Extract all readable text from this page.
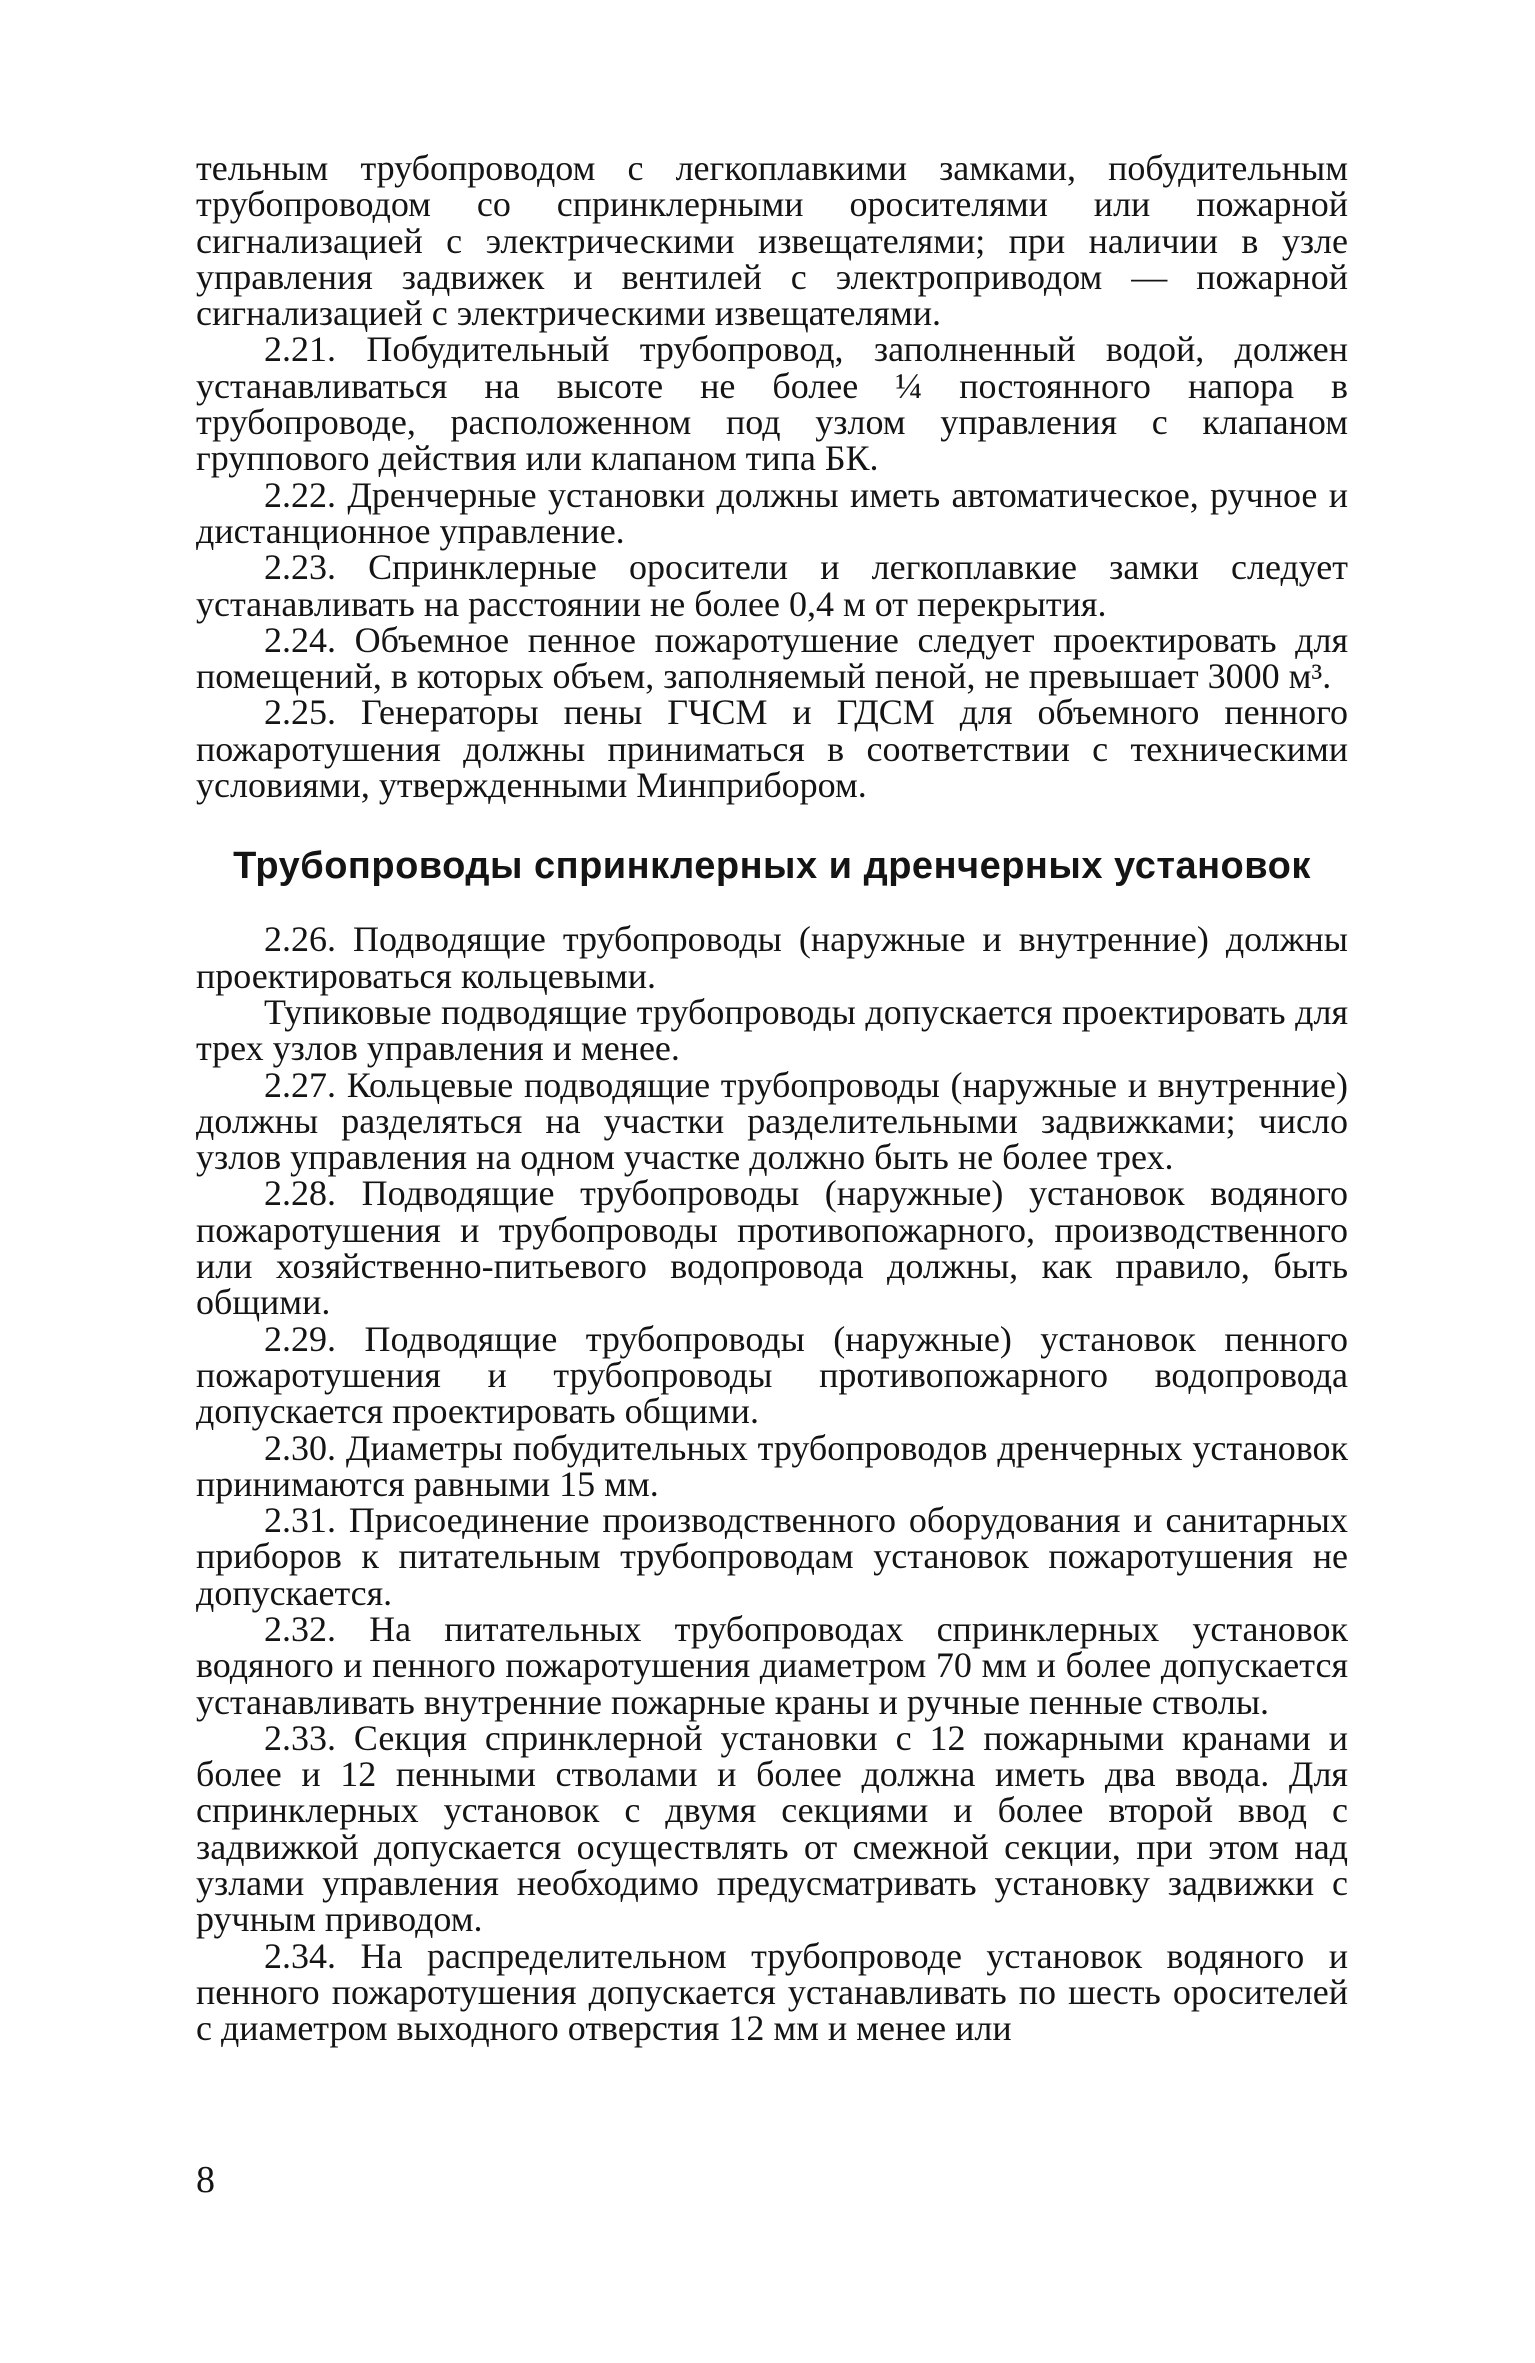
тельным трубопроводом с легкоплавкими замками, побудительным трубопроводом со спринклерными оросителями или пожарной сигнализацией с электрическими извещателями; при наличии в узле управления задвижек и вентилей с электроприводом — пожарной сигнализацией с электрическими извещателями.

2.21. Побудительный трубопровод, заполненный водой, должен устанавливаться на высоте не более ¼ постоянного напора в трубопроводе, расположенном под узлом управления с клапаном группового действия или клапаном типа БК.

2.22. Дренчерные установки должны иметь автоматическое, ручное и дистанционное управление.

2.23. Спринклерные оросители и легкоплавкие замки следует устанавливать на расстоянии не более 0,4 м от перекрытия.

2.24. Объемное пенное пожаротушение следует проектировать для помещений, в которых объем, заполняемый пеной, не превышает 3000 м³.

2.25. Генераторы пены ГЧСМ и ГДСМ для объемного пенного пожаротушения должны приниматься в соответствии с техническими условиями, утвержденными Минприбором.

Трубопроводы спринклерных и дренчерных установок

2.26. Подводящие трубопроводы (наружные и внутренние) должны проектироваться кольцевыми.

Тупиковые подводящие трубопроводы допускается проектировать для трех узлов управления и менее.

2.27. Кольцевые подводящие трубопроводы (наружные и внутренние) должны разделяться на участки разделительными задвижками; число узлов управления на одном участке должно быть не более трех.

2.28. Подводящие трубопроводы (наружные) установок водяного пожаротушения и трубопроводы противопожарного, производственного или хозяйственно-питьевого водопровода должны, как правило, быть общими.

2.29. Подводящие трубопроводы (наружные) установок пенного пожаротушения и трубопроводы противопожарного водопровода допускается проектировать общими.

2.30. Диаметры побудительных трубопроводов дренчерных установок принимаются равными 15 мм.

2.31. Присоединение производственного оборудования и санитарных приборов к питательным трубопроводам установок пожаротушения не допускается.

2.32. На питательных трубопроводах спринклерных установок водяного и пенного пожаротушения диаметром 70 мм и более допускается устанавливать внутренние пожарные краны и ручные пенные стволы.

2.33. Секция спринклерной установки с 12 пожарными кранами и более и 12 пенными стволами и более должна иметь два ввода. Для спринклерных установок с двумя секциями и более второй ввод с задвижкой допускается осуществлять от смежной секции, при этом над узлами управления необходимо предусматривать установку задвижки с ручным приводом.

2.34. На распределительном трубопроводе установок водяного и пенного пожаротушения допускается устанавливать по шесть оросителей с диаметром выходного отверстия 12 мм и менее или

8
